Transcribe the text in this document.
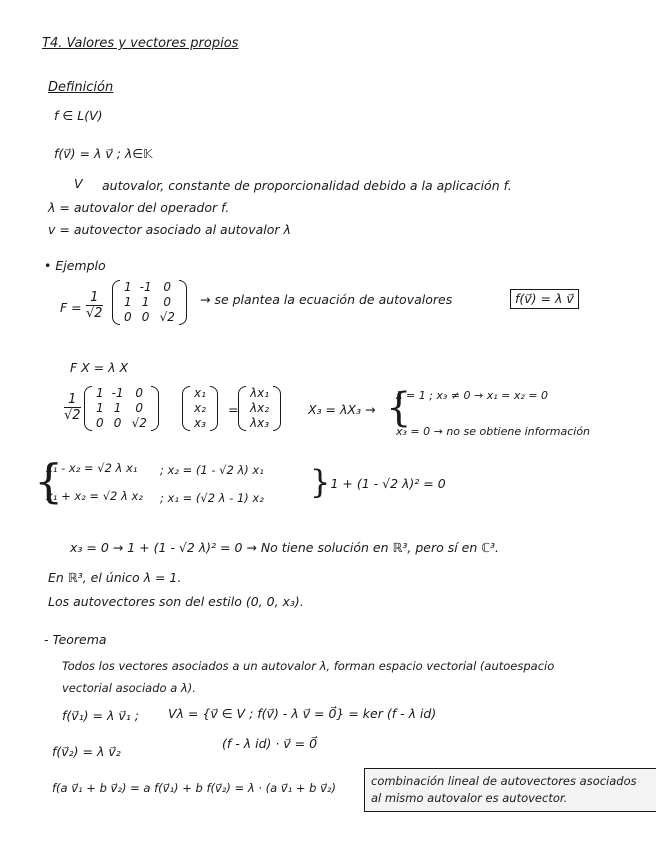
T4. Valores y vectores propios
Definición
f ∈ L(V)
f(v⃗) = λ v⃗ ; λ∈𝕂
V autovalor, constante de proporcionalidad debido a la aplicación f.
λ = autovalor del operador f.
v = autovector asociado al autovalor λ
• Ejemplo
$F = \frac{1}{√2}$
1	-1	0
1	1	0
0	0	√2
→ se plantea la ecuación de autovalores	f(v⃗) = λ v⃗
F X = λ X
$\frac{1}{√2} 1$	-1	0
1	1	0
0	0	√2
x₁
x₂
x₃
=
λx₁
λx₂
λx₃
X₃ = λX₃ → {
λ = 1 ; x₃ ≠ 0 → x₁ = x₂ = 0
x₃ = 0 → no se obtiene información
{
x₁ - x₂ = √2 λ x₁ ; x₂ = (1 - √2 λ) x₁
x₁ + x₂ = √2 λ x₂ ; x₁ = (√2 λ - 1) x₂ }
- 1 + (1 - √2 λ)² = 0
x₃ = 0 → 1 + (1 - √2 λ)² = 0 → No tiene solución en ℝ³, pero sí en ℂ³.
En ℝ³, el único λ = 1.
Los autovectores son del estilo (0, 0, x₃).
- Teorema
Todos los vectores asociados a un autovalor λ, forman espacio vectorial (autoespacio
vectorial asociado a λ).
f(v⃗₁) = λ v⃗₁ ; Vλ = {v⃗ ∈ V ; f(v⃗) - λ v⃗ = 0⃗} = ker (f - λ id)
f(v⃗₂) = λ v⃗₂
(f - λ id) · v⃗ = 0⃗
f(a v⃗₁ + b v⃗₂) = a f(v⃗₁) + b f(v⃗₂) = λ · (a v⃗₁ + b v⃗₂)	combinación lineal de autovectores asociados
al mismo autovalor es autovector.
